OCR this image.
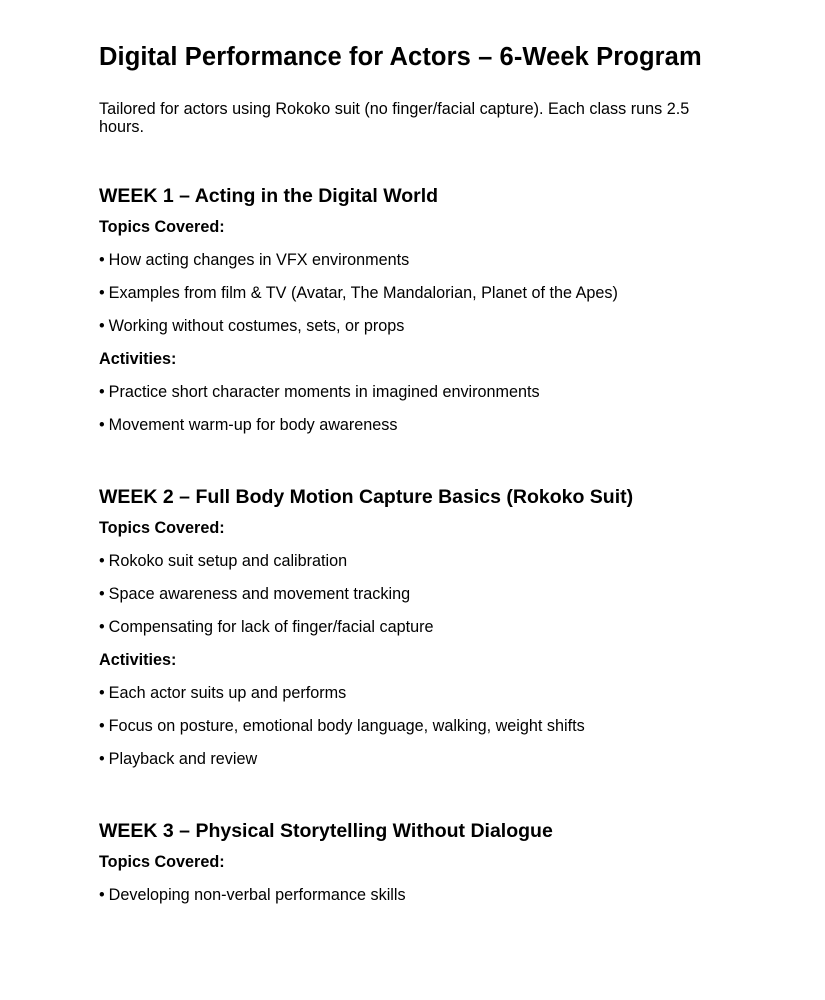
Digital Performance for Actors – 6-Week Program

Tailored for actors using Rokoko suit (no finger/facial capture). Each class runs 2.5 hours.

WEEK 1 – Acting in the Digital World
Topics Covered:
• How acting changes in VFX environments
• Examples from film & TV (Avatar, The Mandalorian, Planet of the Apes)
• Working without costumes, sets, or props
Activities:
• Practice short character moments in imagined environments
• Movement warm-up for body awareness
WEEK 2 – Full Body Motion Capture Basics (Rokoko Suit)
Topics Covered:
• Rokoko suit setup and calibration
• Space awareness and movement tracking
• Compensating for lack of finger/facial capture
Activities:
• Each actor suits up and performs
• Focus on posture, emotional body language, walking, weight shifts
• Playback and review
WEEK 3 – Physical Storytelling Without Dialogue
Topics Covered:
• Developing non-verbal performance skills
